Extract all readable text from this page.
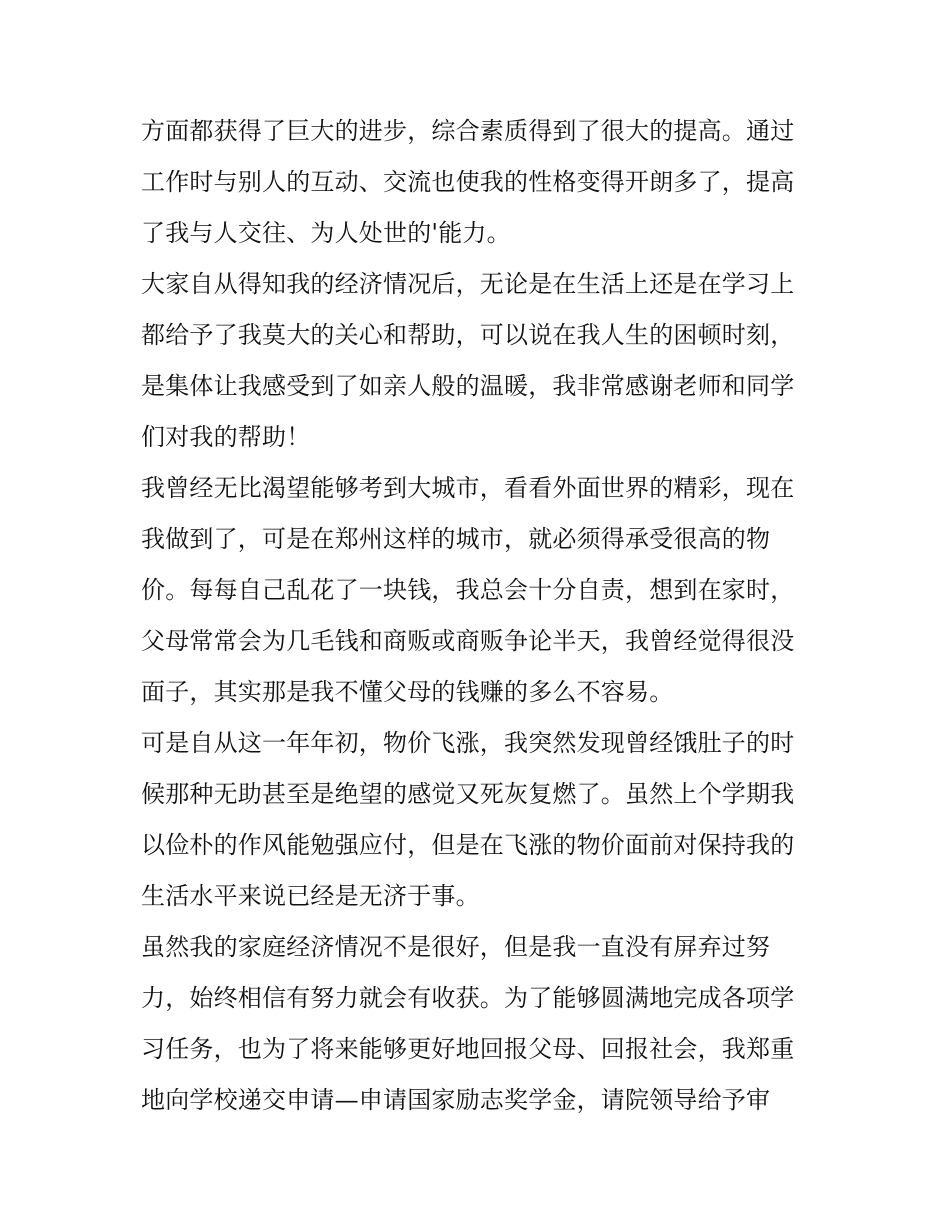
方面都获得了巨大的进步，综合素质得到了很大的提高。通过
工作时与别人的互动、交流也使我的性格变得开朗多了，提高
了我与人交往、为人处世的'能力。
大家自从得知我的经济情况后，无论是在生活上还是在学习上
都给予了我莫大的关心和帮助，可以说在我人生的困顿时刻，
是集体让我感受到了如亲人般的温暖，我非常感谢老师和同学
们对我的帮助！
我曾经无比渴望能够考到大城市，看看外面世界的精彩，现在
我做到了，可是在郑州这样的城市，就必须得承受很高的物
价。每每自己乱花了一块钱，我总会十分自责，想到在家时，
父母常常会为几毛钱和商贩或商贩争论半天，我曾经觉得很没
面子，其实那是我不懂父母的钱赚的多么不容易。
可是自从这一年年初，物价飞涨，我突然发现曾经饿肚子的时
候那种无助甚至是绝望的感觉又死灰复燃了。虽然上个学期我
以俭朴的作风能勉强应付，但是在飞涨的物价面前对保持我的
生活水平来说已经是无济于事。
虽然我的家庭经济情况不是很好，但是我一直没有屏弃过努
力，始终相信有努力就会有收获。为了能够圆满地完成各项学
习任务，也为了将来能够更好地回报父母、回报社会，我郑重
地向学校递交申请—申请国家励志奖学金，请院领导给予审
